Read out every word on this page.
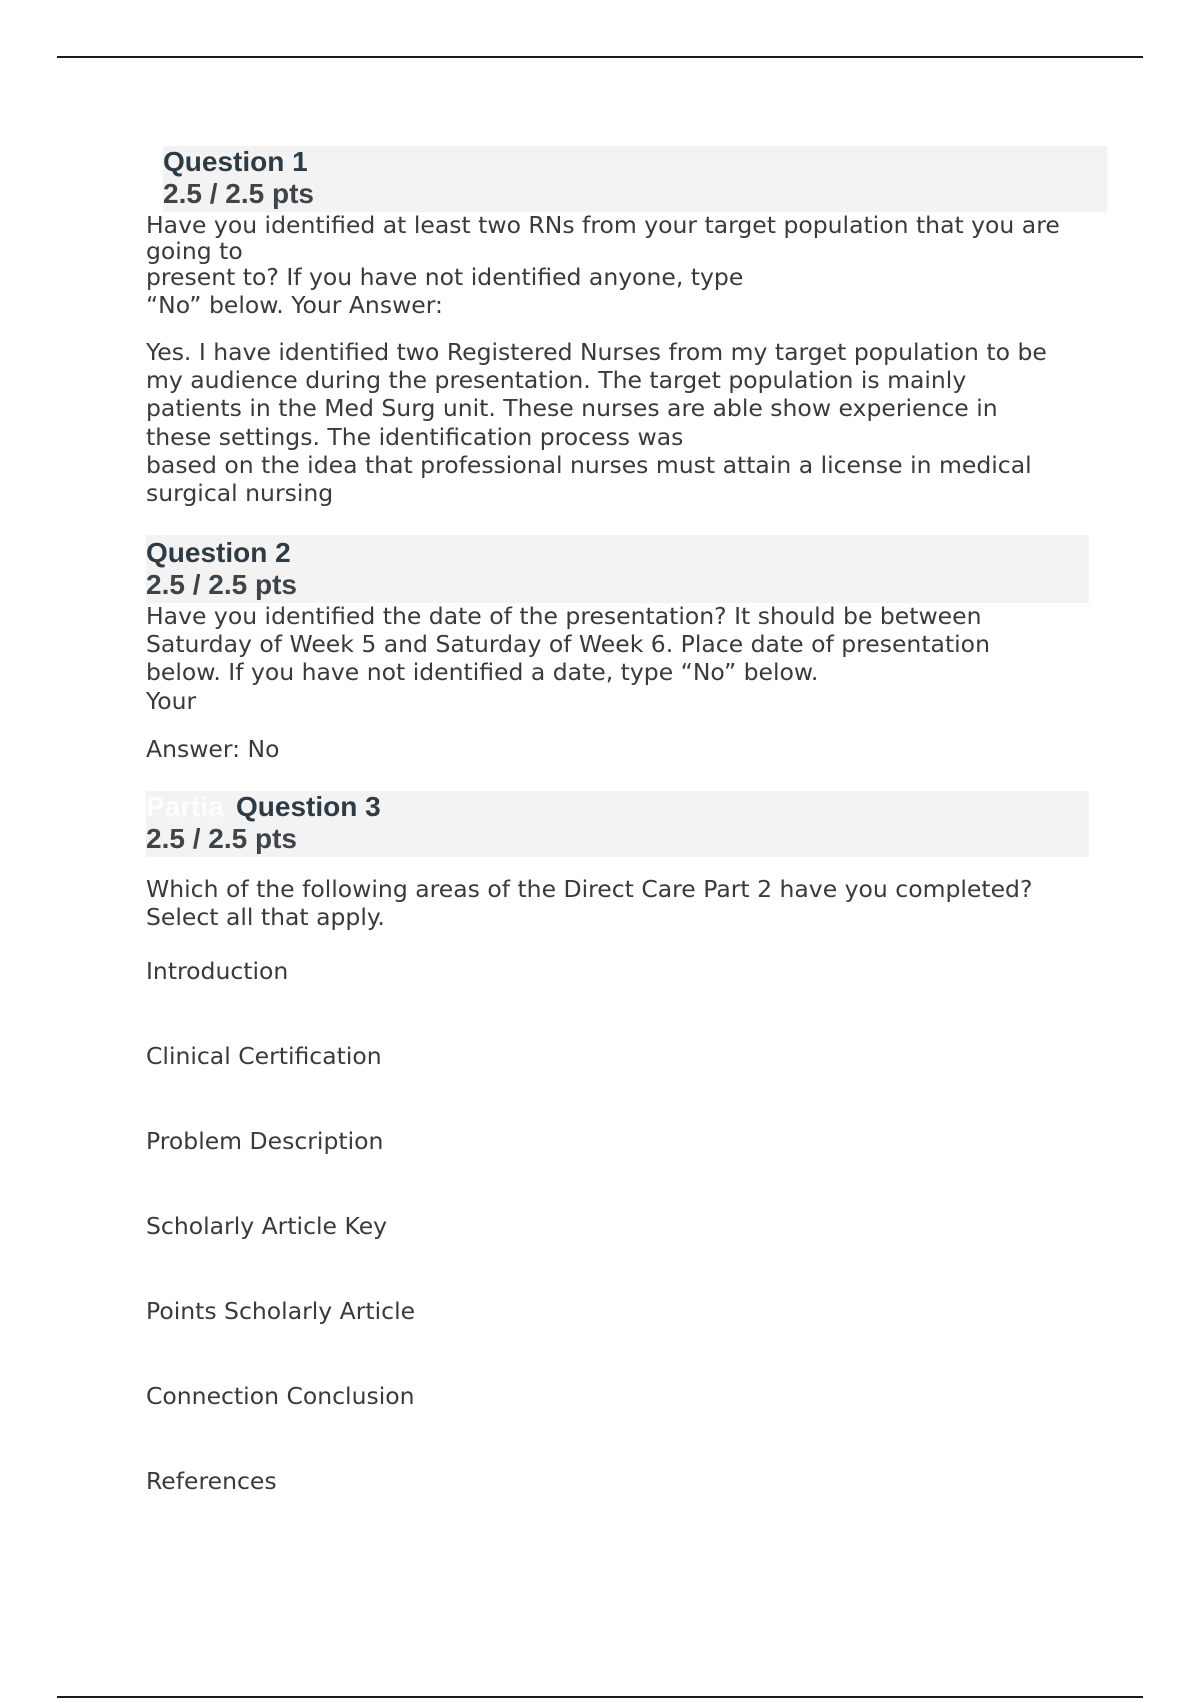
Question 1
2.5 / 2.5 pts
Have you identified at least two RNs from your target population that you are
going to
present to? If you have not identified anyone, type
“No” below. Your Answer:
Yes. I have identified two Registered Nurses from my target population to be
my audience during the presentation. The target population is mainly
patients in the Med Surg unit. These nurses are able show experience in
these settings. The identification process was
based on the idea that professional nurses must attain a license in medical
surgical nursing
Question 2
2.5 / 2.5 pts
Have you identified the date of the presentation? It should be between
Saturday of Week 5 and Saturday of Week 6. Place date of presentation
below. If you have not identified a date, type “No” below.
Your
Answer: No
Partia Question 3
2.5 / 2.5 pts
Which of the following areas of the Direct Care Part 2 have you completed?
Select all that apply.
Introduction
Clinical Certification
Problem Description
Scholarly Article Key
Points Scholarly Article
Connection Conclusion
References
